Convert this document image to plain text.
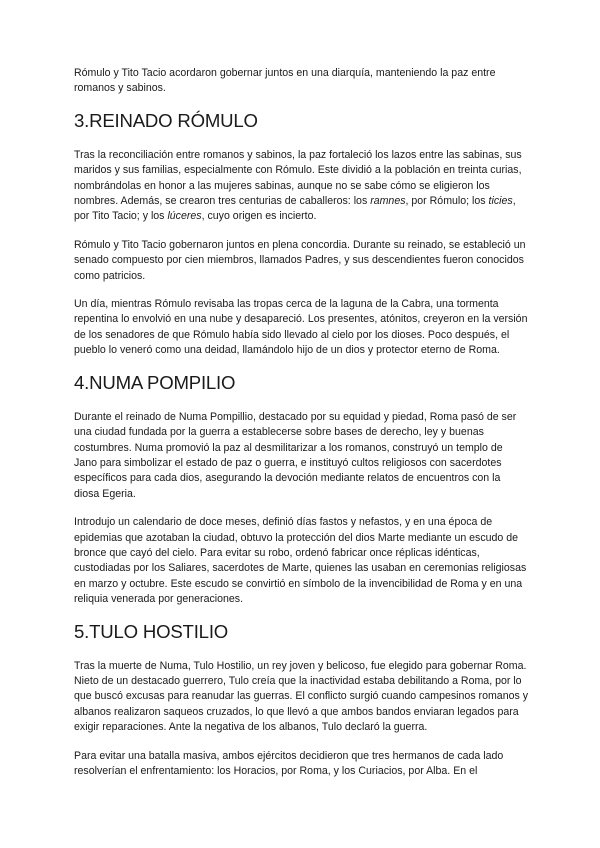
Rómulo y Tito Tacio acordaron gobernar juntos en una diarquía, manteniendo la paz entre romanos y sabinos.

3.REINADO RÓMULO

Tras la reconciliación entre romanos y sabinos, la paz fortaleció los lazos entre las sabinas, sus maridos y sus familias, especialmente con Rómulo. Este dividió a la población en treinta curias, nombrándolas en honor a las mujeres sabinas, aunque no se sabe cómo se eligieron los nombres. Además, se crearon tres centurias de caballeros: los ramnes, por Rómulo; los ticies, por Tito Tacio; y los lúceres, cuyo origen es incierto.

Rómulo y Tito Tacio gobernaron juntos en plena concordia. Durante su reinado, se estableció un senado compuesto por cien miembros, llamados Padres, y sus descendientes fueron conocidos como patricios.

Un día, mientras Rómulo revisaba las tropas cerca de la laguna de la Cabra, una tormenta repentina lo envolvió en una nube y desapareció. Los presentes, atónitos, creyeron en la versión de los senadores de que Rómulo había sido llevado al cielo por los dioses. Poco después, el pueblo lo veneró como una deidad, llamándolo hijo de un dios y protector eterno de Roma.

4.NUMA POMPILIO

Durante el reinado de Numa Pompillio, destacado por su equidad y piedad, Roma pasó de ser una ciudad fundada por la guerra a establecerse sobre bases de derecho, ley y buenas costumbres. Numa promovió la paz al desmilitarizar a los romanos, construyó un templo de Jano para simbolizar el estado de paz o guerra, e instituyó cultos religiosos con sacerdotes específicos para cada dios, asegurando la devoción mediante relatos de encuentros con la diosa Egeria.

Introdujo un calendario de doce meses, definió días fastos y nefastos, y en una época de epidemias que azotaban la ciudad, obtuvo la protección del dios Marte mediante un escudo de bronce que cayó del cielo. Para evitar su robo, ordenó fabricar once réplicas idénticas, custodiadas por los Saliares, sacerdotes de Marte, quienes las usaban en ceremonias religiosas en marzo y octubre. Este escudo se convirtió en símbolo de la invencibilidad de Roma y en una reliquia venerada por generaciones.

5.TULO HOSTILIO

Tras la muerte de Numa, Tulo Hostilio, un rey joven y belicoso, fue elegido para gobernar Roma. Nieto de un destacado guerrero, Tulo creía que la inactividad estaba debilitando a Roma, por lo que buscó excusas para reanudar las guerras. El conflicto surgió cuando campesinos romanos y albanos realizaron saqueos cruzados, lo que llevó a que ambos bandos enviaran legados para exigir reparaciones. Ante la negativa de los albanos, Tulo declaró la guerra.

Para evitar una batalla masiva, ambos ejércitos decidieron que tres hermanos de cada lado resolverían el enfrentamiento: los Horacios, por Roma, y los Curiacios, por Alba. En el
